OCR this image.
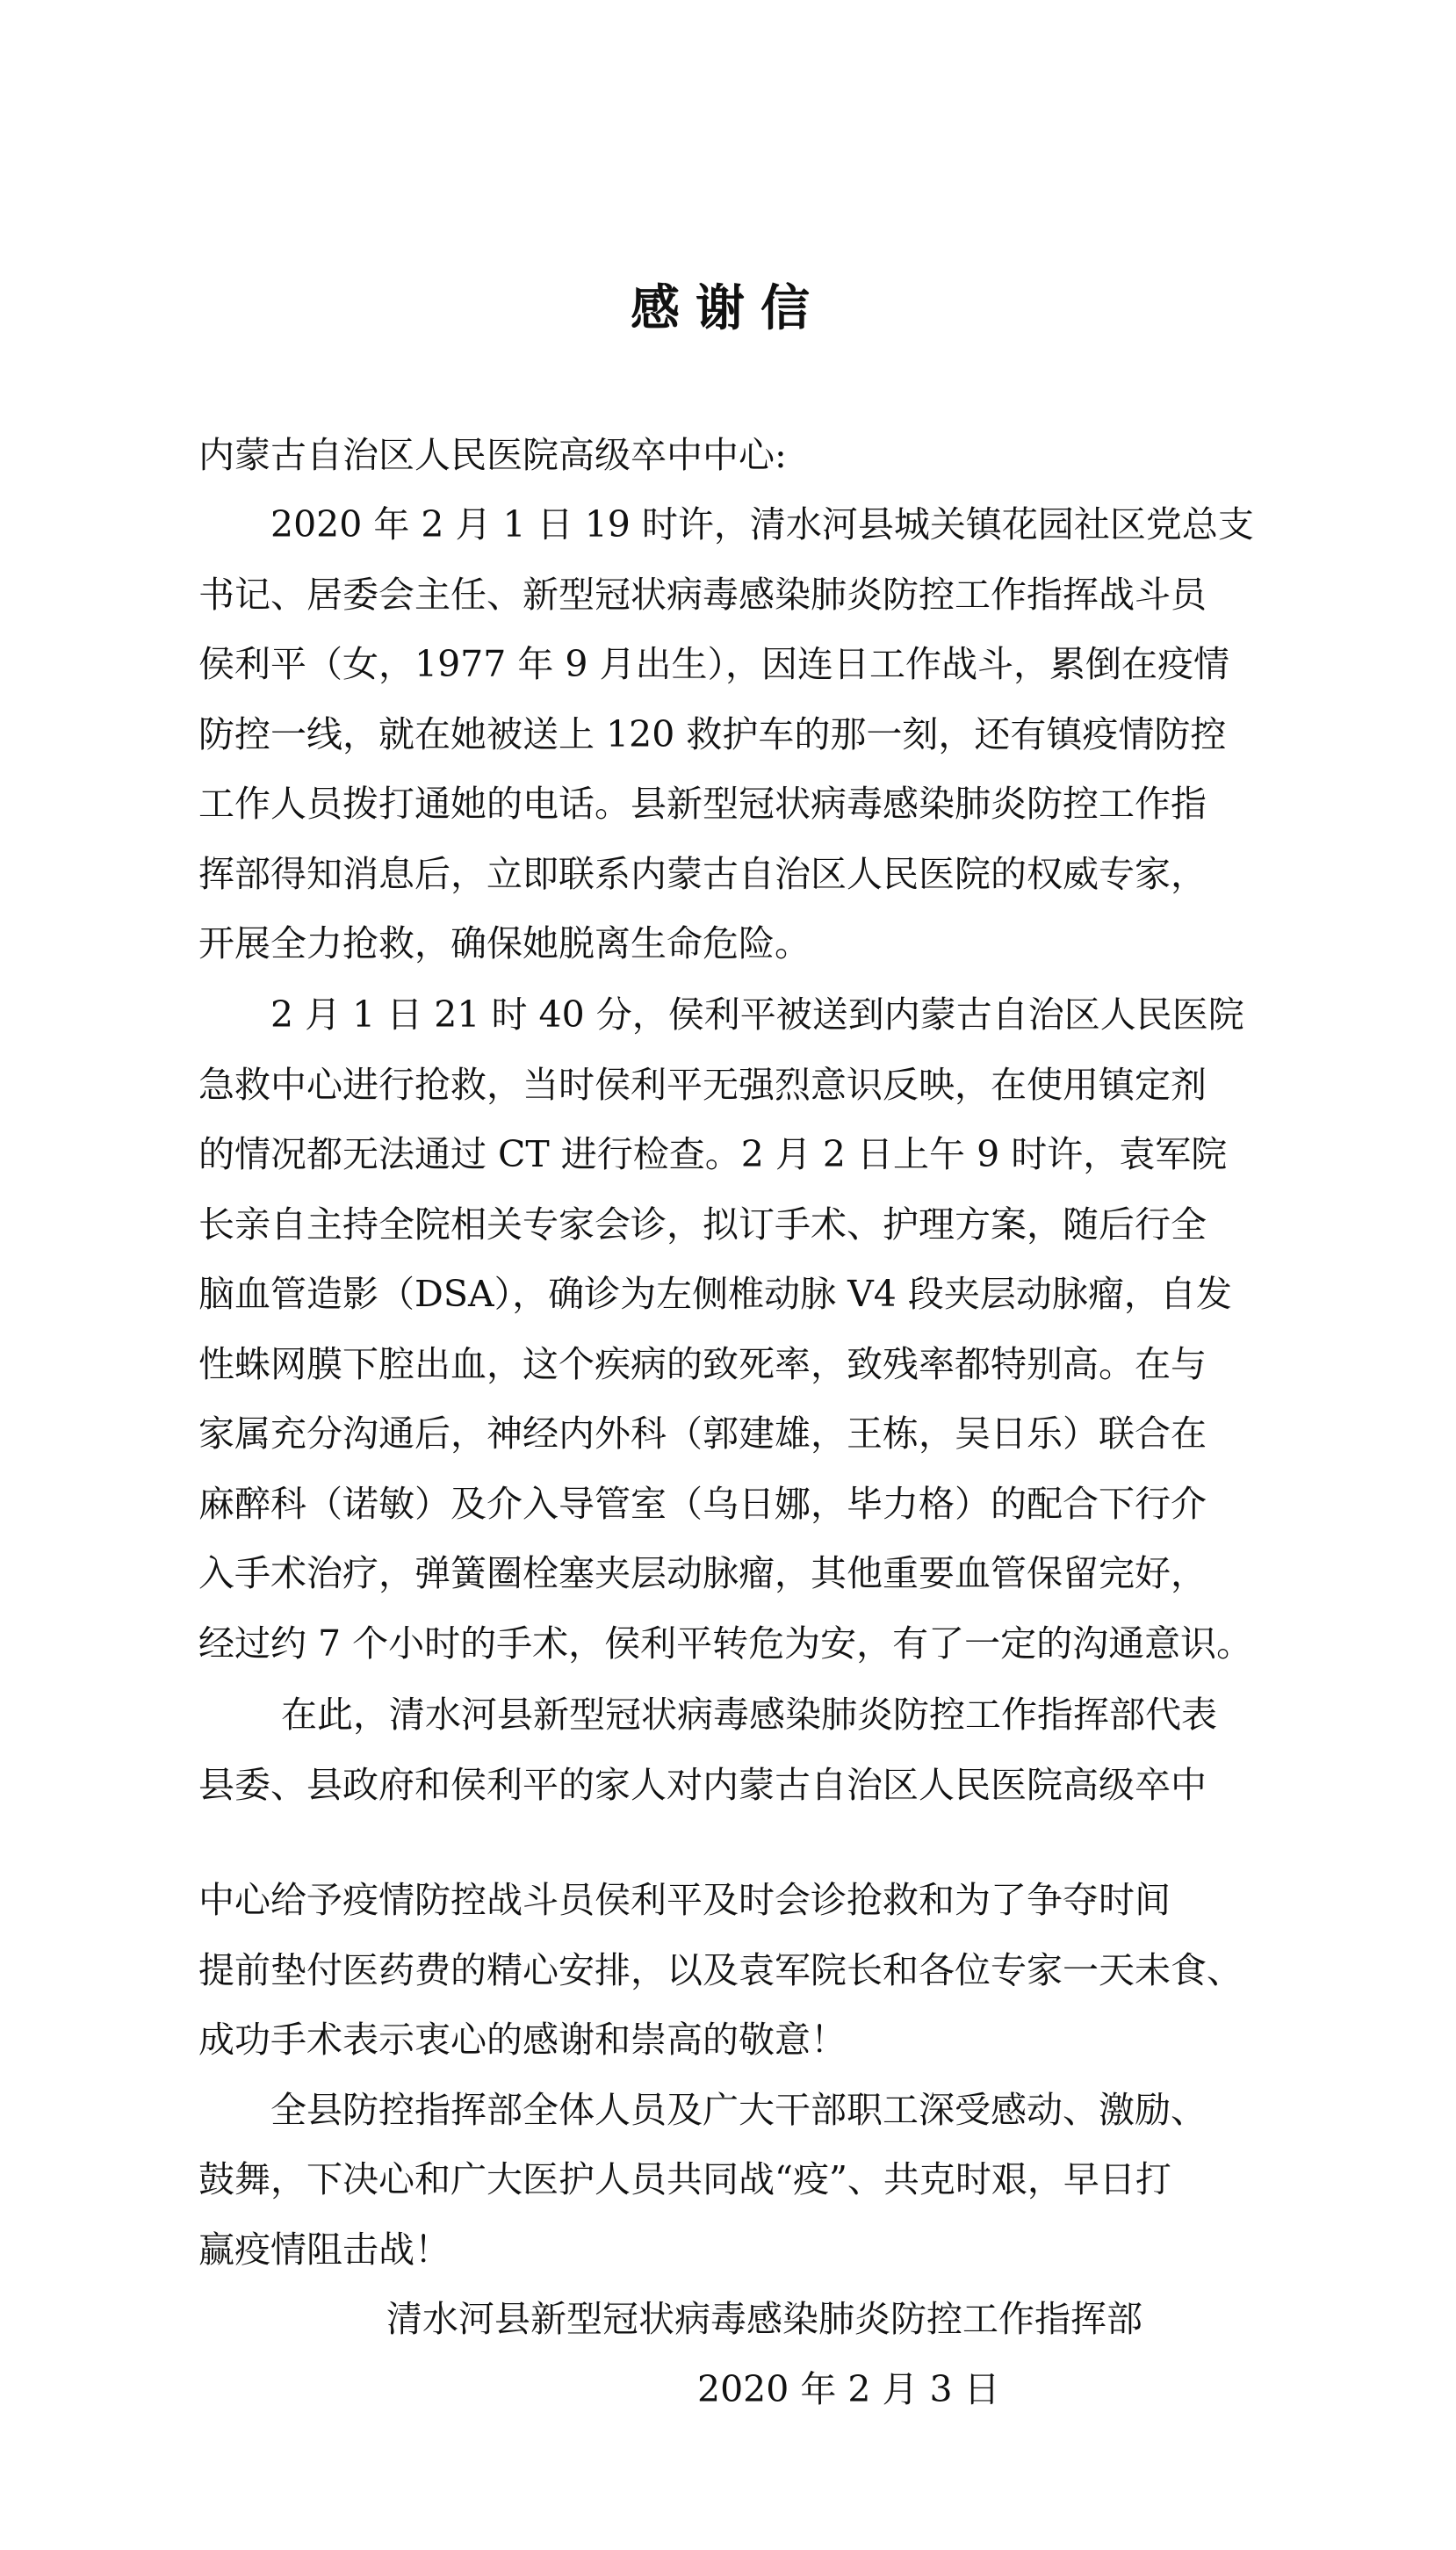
感谢信

内蒙古自治区人民医院高级卒中中心:

2020 年 2 月 1 日 19 时许，清水河县城关镇花园社区党总支

书记、居委会主任、新型冠状病毒感染肺炎防控工作指挥战斗员

侯利平（女，1977 年 9 月出生），因连日工作战斗，累倒在疫情

防控一线，就在她被送上 120 救护车的那一刻，还有镇疫情防控

工作人员拨打通她的电话。县新型冠状病毒感染肺炎防控工作指

挥部得知消息后，立即联系内蒙古自治区人民医院的权威专家，

开展全力抢救，确保她脱离生命危险。

2 月 1 日 21 时 40 分，侯利平被送到内蒙古自治区人民医院

急救中心进行抢救，当时侯利平无强烈意识反映，在使用镇定剂

的情况都无法通过 CT 进行检查。2 月 2 日上午 9 时许，袁军院

长亲自主持全院相关专家会诊，拟订手术、护理方案，随后行全

脑血管造影（DSA），确诊为左侧椎动脉 V4 段夹层动脉瘤，自发

性蛛网膜下腔出血，这个疾病的致死率，致残率都特别高。在与

家属充分沟通后，神经内外科（郭建雄，王栋，吴日乐）联合在

麻醉科（诺敏）及介入导管室（乌日娜，毕力格）的配合下行介

入手术治疗，弹簧圈栓塞夹层动脉瘤，其他重要血管保留完好，

经过约 7 个小时的手术，侯利平转危为安，有了一定的沟通意识。

在此，清水河县新型冠状病毒感染肺炎防控工作指挥部代表

县委、县政府和侯利平的家人对内蒙古自治区人民医院高级卒中

中心给予疫情防控战斗员侯利平及时会诊抢救和为了争夺时间

提前垫付医药费的精心安排，以及袁军院长和各位专家一天未食、

成功手术表示衷心的感谢和崇高的敬意！

全县防控指挥部全体人员及广大干部职工深受感动、激励、

鼓舞，下决心和广大医护人员共同战“疫”、共克时艰，早日打

赢疫情阻击战！

清水河县新型冠状病毒感染肺炎防控工作指挥部

2020 年 2 月 3 日
